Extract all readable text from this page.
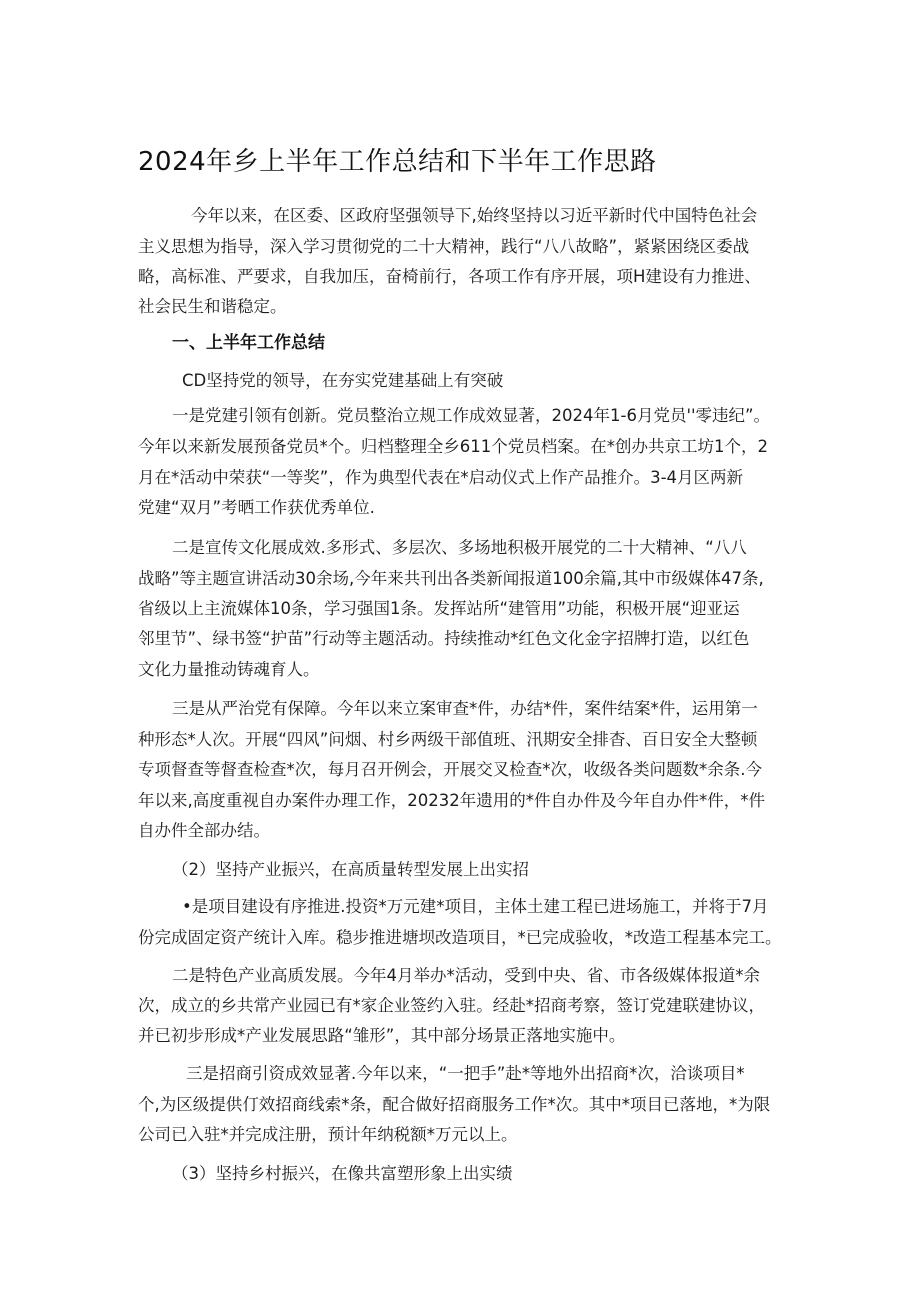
2024年乡上半年工作总结和下半年工作思路
今年以来，在区委、区政府坚强领导下,始终坚持以习近平新时代中国特色社会
主义思想为指导，深入学习贯彻党的二十大精神，践行“八八故略”，紧紧困绕区委战
略，高标准、严要求，自我加压，奋椅前行，各项工作有序开展，项H建设有力推进、
社会民生和谐稳定。
一、上半年工作总结
CD坚持党的领导，在夯实党建基础上有突破
一是党建引领有创新。党员整治立规工作成效显著，2024年1-6月党员''零违纪”。
今年以来新发展预备党员*个。归档整理全乡611个党员档案。在*创办共京工坊1个，2
月在*活动中荣获“一等奖”，作为典型代表在*启动仪式上作产品推介。3-4月区两新
党建“双月”考晒工作获优秀单位.
二是宣传文化展成效.多形式、多层次、多场地积极开展党的二十大精神、“八八
战略”等主题宣讲活动30余场,今年来共刊出各类新闻报道100余篇,其中市级媒体47条,
省级以上主流媒体10条，学习强国1条。发挥站所“建管用”功能，积极开展“迎亚运
邻里节”、绿书签“护苗”行动等主题活动。持续推动*红色文化金字招牌打造，以红色
文化力量推动铸魂育人。
三是从严治党有保障。今年以来立案审查*件，办结*件，案件结案*件，运用第一
种形态*人次。开展“四风”问烟、村乡两级干部值班、汛期安全排杳、百日安全大整顿
专项督查等督查检查*次，每月召开例会，开展交叉检查*次，收级各类问题数*余条.今
年以来,高度重视自办案件办理工作，20232年遗用的*件自办件及今年自办件*件，*件
自办件全部办结。
（2）坚持产业振兴，在高质量转型发展上出实招
•是项目建设有序推进.投资*万元建*项目，主体土建工程已进场施工，并将于7月
份完成固定资产统计入库。稳步推进塘坝改造项目，*已完成验收，*改造工程基本完工。
二是特色产业高质发展。今年4月举办*活动，受到中央、省、市各级媒体报道*余
次，成立的乡共常产业园已有*家企业签约入驻。经赴*招商考察，签订党建联建协议，
并已初步形成*产业发展思路“雏形”，其中部分场景正落地实施中。
三是招商引资成效显著.今年以来，“一把手”赴*等地外出招商*次，洽谈项目*
个,为区级提供仃效招商线索*条，配合做好招商服务工作*次。其中*项目已落地，*为限
公司已入驻*并完成注册，预计年纳税额*万元以上。
（3）坚持乡村振兴，在像共富塑形象上出实绩
